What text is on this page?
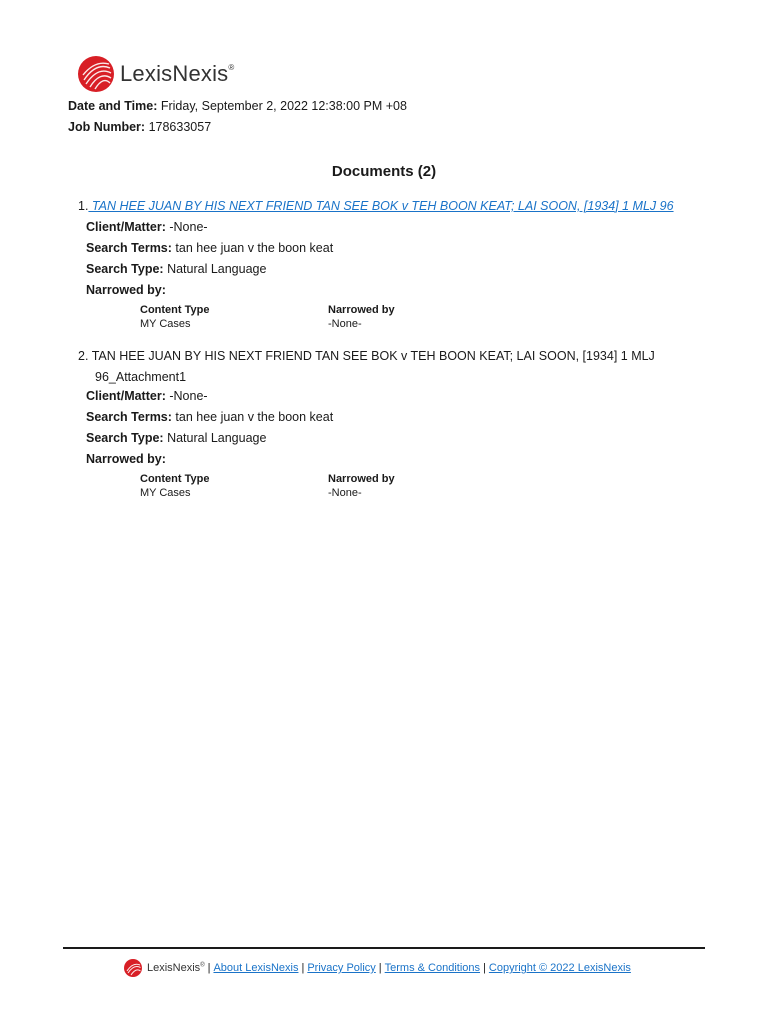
LexisNexis®
Date and Time: Friday, September 2, 2022 12:38:00 PM +08
Job Number: 178633057
Documents (2)
1. TAN HEE JUAN BY HIS NEXT FRIEND TAN SEE BOK v TEH BOON KEAT; LAI SOON, [1934] 1 MLJ 96
Client/Matter: -None-
Search Terms: tan hee juan v the boon keat
Search Type: Natural Language
Narrowed by:
Content Type	Narrowed by
MY Cases	-None-
2. TAN HEE JUAN BY HIS NEXT FRIEND TAN SEE BOK v TEH BOON KEAT; LAI SOON, [1934] 1 MLJ
96_Attachment1
Client/Matter: -None-
Search Terms: tan hee juan v the boon keat
Search Type: Natural Language
Narrowed by:
Content Type	Narrowed by
MY Cases	-None-
LexisNexis® | About LexisNexis | Privacy Policy | Terms & Conditions | Copyright © 2022 LexisNexis
